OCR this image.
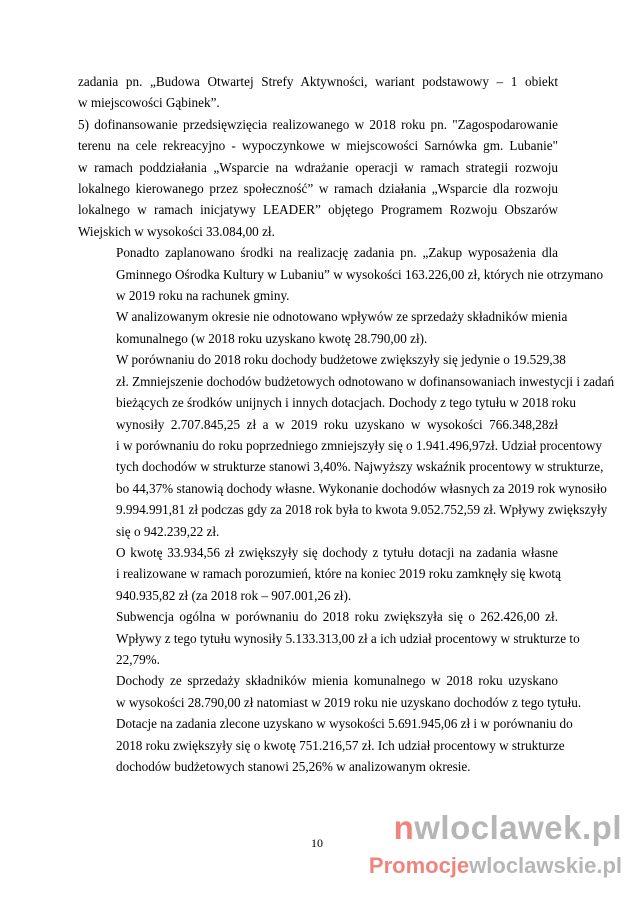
zadania pn. „Budowa Otwartej Strefy Aktywności, wariant podstawowy – 1 obiekt
w miejscowości Gąbinek”.
5) dofinansowanie przedsięwzięcia realizowanego w 2018 roku pn. "Zagospodarowanie
terenu na cele rekreacyjno - wypoczynkowe w miejscowości Sarnówka gm. Lubanie"
w ramach poddziałania „Wsparcie na wdrażanie operacji w ramach strategii rozwoju
lokalnego kierowanego przez społeczność” w ramach działania „Wsparcie dla rozwoju
lokalnego w ramach inicjatywy LEADER” objętego Programem Rozwoju Obszarów
Wiejskich w wysokości 33.084,00 zł.
Ponadto zaplanowano środki na realizację zadania pn. „Zakup wyposażenia dla
Gminnego Ośrodka Kultury w Lubaniu” w wysokości 163.226,00 zł, których nie otrzymano
w 2019 roku na rachunek gminy.
W analizowanym okresie nie odnotowano wpływów ze sprzedaży składników mienia
komunalnego (w 2018 roku uzyskano kwotę 28.790,00 zł).
W porównaniu do 2018 roku dochody budżetowe zwiększyły się jedynie o 19.529,38
zł. Zmniejszenie dochodów budżetowych odnotowano w dofinansowaniach inwestycji i zadań
bieżących ze środków unijnych i innych dotacjach. Dochody z tego tytułu w 2018 roku
wynosiły 2.707.845,25 zł a w 2019 roku uzyskano w wysokości 766.348,28zł
i w porównaniu do roku poprzedniego zmniejszyły się o 1.941.496,97zł. Udział procentowy
tych dochodów w strukturze stanowi 3,40%. Najwyższy wskaźnik procentowy w strukturze,
bo 44,37% stanowią dochody własne. Wykonanie dochodów własnych za 2019 rok wynosiło
9.994.991,81 zł podczas gdy za 2018 rok była to kwota 9.052.752,59 zł. Wpływy zwiększyły
się o 942.239,22 zł.
O kwotę 33.934,56 zł zwiększyły się dochody z tytułu dotacji na zadania własne
i realizowane w ramach porozumień, które na koniec 2019 roku zamknęły się kwotą
940.935,82 zł (za 2018 rok – 907.001,26 zł).
Subwencja ogólna w porównaniu do 2018 roku zwiększyła się o 262.426,00 zł.
Wpływy z tego tytułu wynosiły 5.133.313,00 zł a ich udział procentowy w strukturze to
22,79%.
Dochody ze sprzedaży składników mienia komunalnego w 2018 roku uzyskano
w wysokości 28.790,00 zł natomiast w 2019 roku nie uzyskano dochodów z tego tytułu.
Dotacje na zadania zlecone uzyskano w wysokości 5.691.945,06 zł i w porównaniu do
2018 roku zwiększyły się o kwotę 751.216,57 zł. Ich udział procentowy w strukturze
dochodów budżetowych stanowi 25,26% w analizowanym okresie.
10	nwloclawek.pl
Promocjewloclawskie.pl
